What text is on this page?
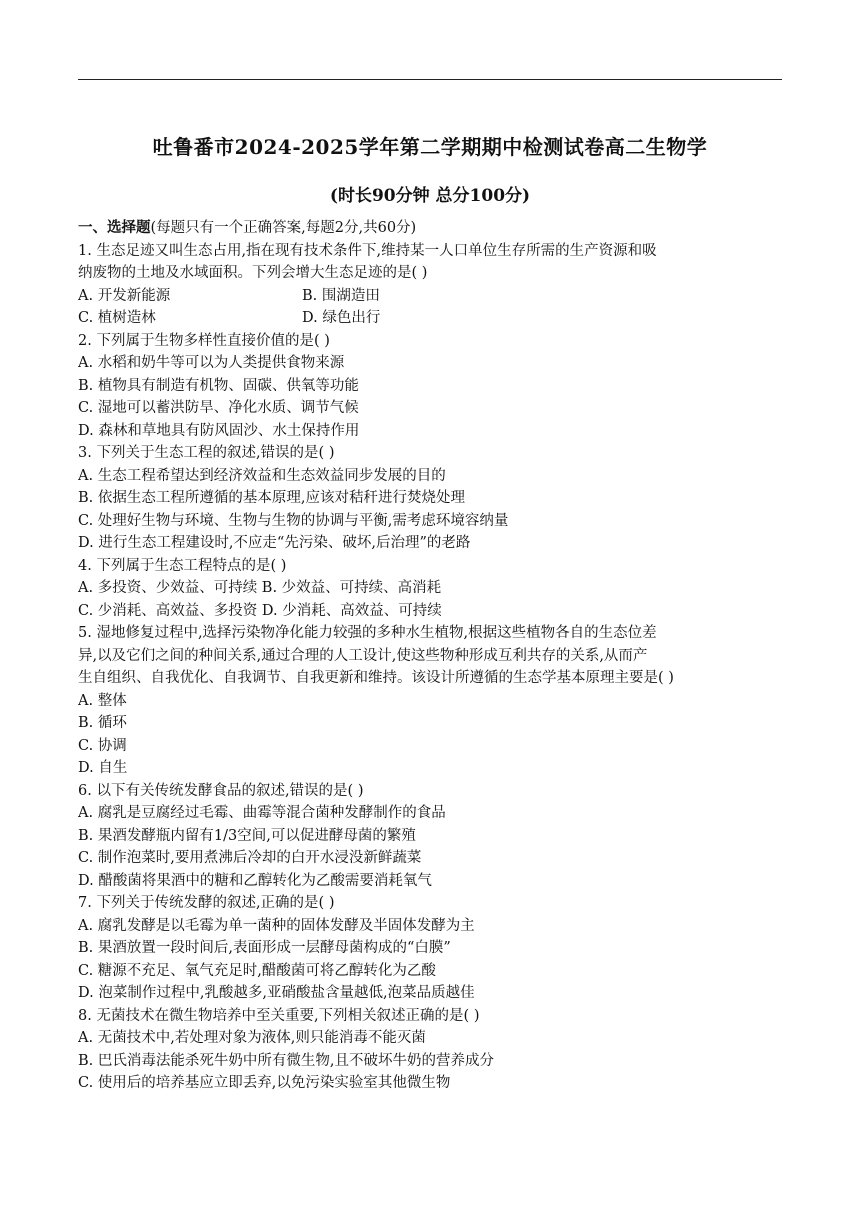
吐鲁番市2024-2025学年第二学期期中检测试卷高二生物学
(时长90分钟 总分100分)
一、选择题(每题只有一个正确答案,每题2分,共60分)
1. 生态足迹又叫生态占用,指在现有技术条件下,维持某一人口单位生存所需的生产资源和吸
纳废物的土地及水域面积。下列会增大生态足迹的是( )
A. 开发新能源	B. 围湖造田
C. 植树造林	D. 绿色出行
2. 下列属于生物多样性直接价值的是( )
A. 水稻和奶牛等可以为人类提供食物来源
B. 植物具有制造有机物、固碳、供氧等功能
C. 湿地可以蓄洪防旱、净化水质、调节气候
D. 森林和草地具有防风固沙、水土保持作用
3. 下列关于生态工程的叙述,错误的是( )
A. 生态工程希望达到经济效益和生态效益同步发展的目的
B. 依据生态工程所遵循的基本原理,应该对秸秆进行焚烧处理
C. 处理好生物与环境、生物与生物的协调与平衡,需考虑环境容纳量
D. 进行生态工程建设时,不应走“先污染、破坏,后治理”的老路
4. 下列属于生态工程特点的是( )
A. 多投资、少效益、可持续 B. 少效益、可持续、高消耗
C. 少消耗、高效益、多投资 D. 少消耗、高效益、可持续
5. 湿地修复过程中,选择污染物净化能力较强的多种水生植物,根据这些植物各自的生态位差
异,以及它们之间的种间关系,通过合理的人工设计,使这些物种形成互利共存的关系,从而产
生自组织、自我优化、自我调节、自我更新和维持。该设计所遵循的生态学基本原理主要是( )
A. 整体
B. 循环
C. 协调
D. 自生
6. 以下有关传统发酵食品的叙述,错误的是( )
A. 腐乳是豆腐经过毛霉、曲霉等混合菌种发酵制作的食品
B. 果酒发酵瓶内留有1/3空间,可以促进酵母菌的繁殖
C. 制作泡菜时,要用煮沸后冷却的白开水浸没新鲜蔬菜
D. 醋酸菌将果酒中的糖和乙醇转化为乙酸需要消耗氧气
7. 下列关于传统发酵的叙述,正确的是( )
A. 腐乳发酵是以毛霉为单一菌种的固体发酵及半固体发酵为主
B. 果酒放置一段时间后,表面形成一层酵母菌构成的“白膜”
C. 糖源不充足、氧气充足时,醋酸菌可将乙醇转化为乙酸
D. 泡菜制作过程中,乳酸越多,亚硝酸盐含量越低,泡菜品质越佳
8. 无菌技术在微生物培养中至关重要,下列相关叙述正确的是( )
A. 无菌技术中,若处理对象为液体,则只能消毒不能灭菌
B. 巴氏消毒法能杀死牛奶中所有微生物,且不破坏牛奶的营养成分
C. 使用后的培养基应立即丢弃,以免污染实验室其他微生物
